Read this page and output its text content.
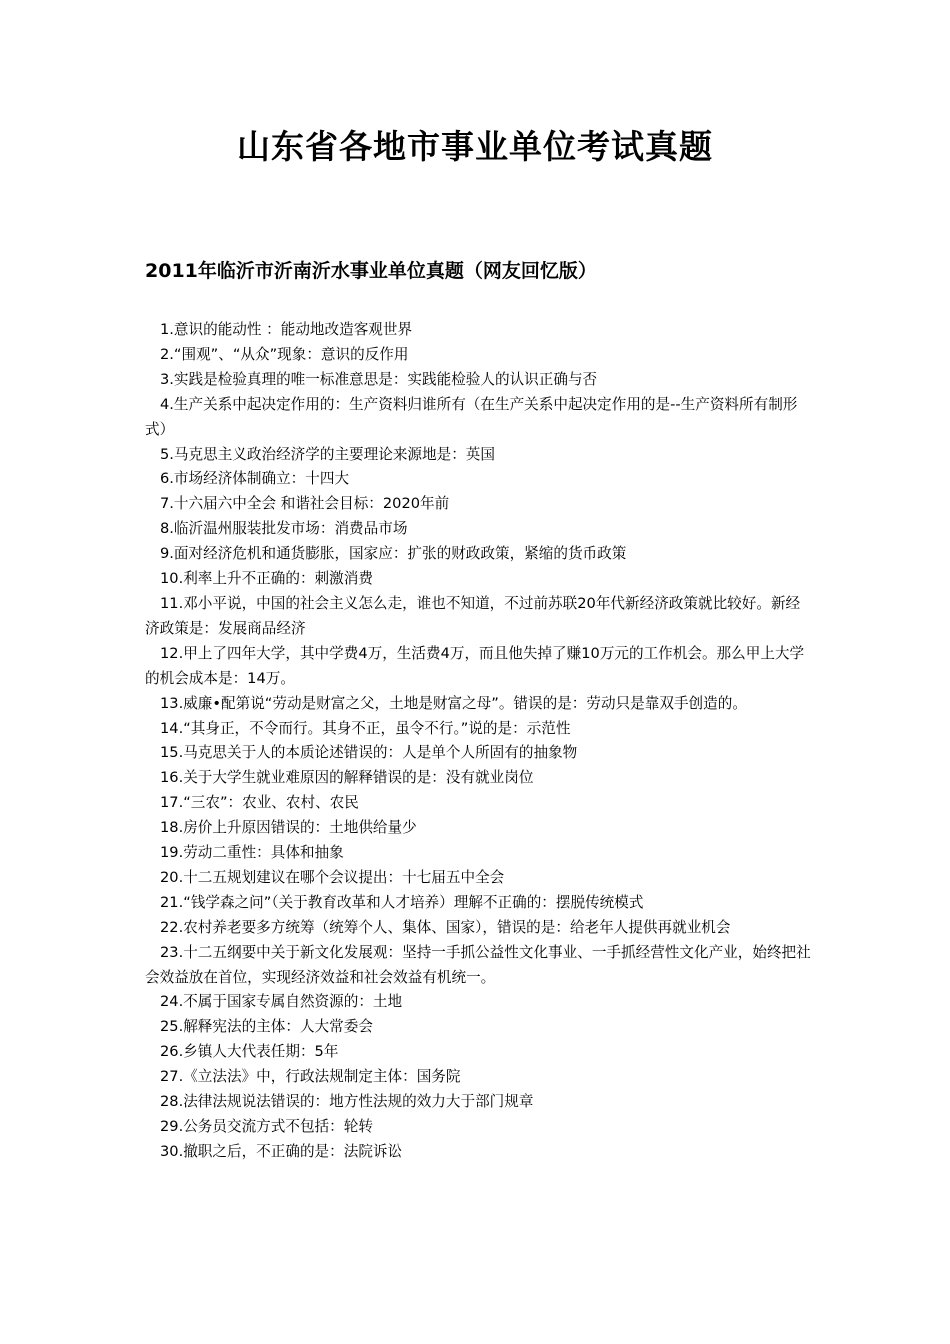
山东省各地市事业单位考试真题
2011年临沂市沂南沂水事业单位真题（网友回忆版）
1.意识的能动性 ：能动地改造客观世界
2.“围观”、“从众”现象：意识的反作用
3.实践是检验真理的唯一标准意思是：实践能检验人的认识正确与否
4.生产关系中起决定作用的：生产资料归谁所有（在生产关系中起决定作用的是--生产资料所有制形式）
5.马克思主义政治经济学的主要理论来源地是：英国
6.市场经济体制确立：十四大
7.十六届六中全会 和谐社会目标：2020年前
8.临沂温州服装批发市场：消费品市场
9.面对经济危机和通货膨胀，国家应：扩张的财政政策，紧缩的货币政策
10.利率上升不正确的：刺激消费
11.邓小平说，中国的社会主义怎么走，谁也不知道，不过前苏联20年代新经济政策就比较好。新经济政策是：发展商品经济
12.甲上了四年大学，其中学费4万，生活费4万，而且他失掉了赚10万元的工作机会。那么甲上大学的机会成本是：14万。
13.威廉•配第说“劳动是财富之父，土地是财富之母”。错误的是：劳动只是靠双手创造的。
14.“其身正，不令而行。其身不正，虽令不行。”说的是：示范性
15.马克思关于人的本质论述错误的：人是单个人所固有的抽象物
16.关于大学生就业难原因的解释错误的是：没有就业岗位
17.“三农”：农业、农村、农民
18.房价上升原因错误的：土地供给量少
19.劳动二重性：具体和抽象
20.十二五规划建议在哪个会议提出：十七届五中全会
21.“钱学森之问”（关于教育改革和人才培养）理解不正确的：摆脱传统模式
22.农村养老要多方统筹（统筹个人、集体、国家），错误的是：给老年人提供再就业机会
23.十二五纲要中关于新文化发展观：坚持一手抓公益性文化事业、一手抓经营性文化产业，始终把社会效益放在首位，实现经济效益和社会效益有机统一。
24.不属于国家专属自然资源的：土地
25.解释宪法的主体：人大常委会
26.乡镇人大代表任期：5年
27.《立法法》中，行政法规制定主体：国务院
28.法律法规说法错误的：地方性法规的效力大于部门规章
29.公务员交流方式不包括：轮转
30.撤职之后，不正确的是：法院诉讼
